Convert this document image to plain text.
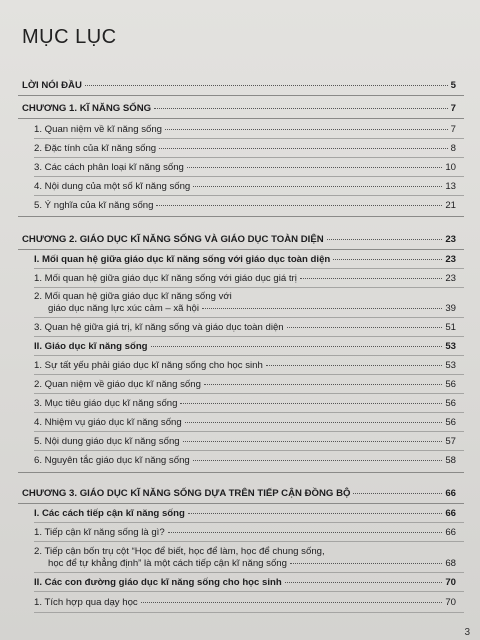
MỤC LỤC
LỜI NÓI ĐẦU	5
CHƯƠNG 1. KĨ NĂNG SỐNG	7
1. Quan niệm về kĩ năng sống	7
2. Đặc tính của kĩ năng sống	8
3. Các cách phân loại kĩ năng sống	10
4. Nội dung của một số kĩ năng sống	13
5. Ý nghĩa của kĩ năng sống	21
CHƯƠNG 2. GIÁO DỤC KĨ NĂNG SỐNG VÀ GIÁO DỤC TOÀN DIỆN	23
I. Mối quan hệ giữa giáo dục kĩ năng sống với giáo dục toàn diện	23
1. Mối quan hệ giữa giáo dục kĩ năng sống với giáo dục giá trị	23
2. Mối quan hệ giữa giáo dục kĩ năng sống với
giáo dục năng lực xúc cảm – xã hội	39
3. Quan hệ giữa giá trị, kĩ năng sống và giáo dục toàn diện	51
II. Giáo dục kĩ năng sống	53
1. Sự tất yếu phải giáo dục kĩ năng sống cho học sinh	53
2. Quan niệm về giáo dục kĩ năng sống	56
3. Mục tiêu giáo dục kĩ năng sống	56
4. Nhiệm vụ giáo dục kĩ năng sống	56
5. Nội dung giáo dục kĩ năng sống	57
6. Nguyên tắc giáo dục kĩ năng sống	58
CHƯƠNG 3. GIÁO DỤC KĨ NĂNG SỐNG DỰA TRÊN TIẾP CẬN ĐỒNG BỘ	66
I. Các cách tiếp cận kĩ năng sống	66
1. Tiếp cận kĩ năng sống là gì?	66
2. Tiếp cận bốn trụ cột “Học để biết, học để làm, học để chung sống,
học để tự khẳng định” là một cách tiếp cận kĩ năng sống	68
II. Các con đường giáo dục kĩ năng sống cho học sinh	70
1. Tích hợp qua dạy học	70
3
